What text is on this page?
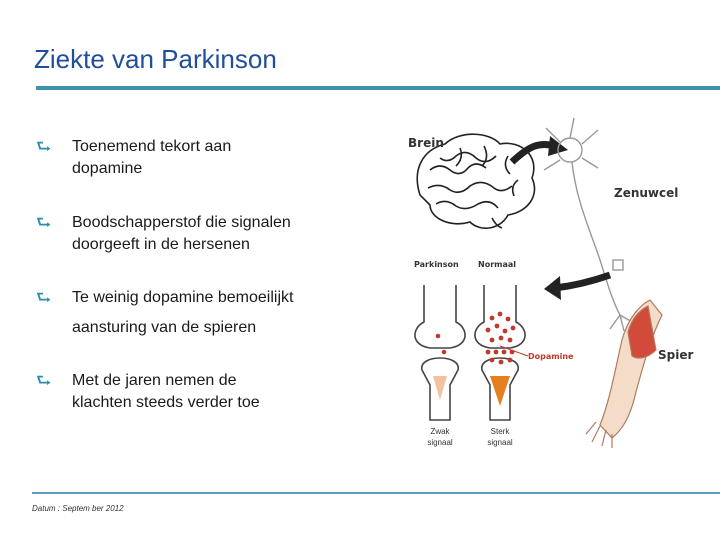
Ziekte van Parkinson
⮑ Toenemend tekort aan
dopamine
⮑ Boodschapperstof die signalen
doorgeeft in de hersenen
⮑ Te weinig dopamine bemoeilijkt
aansturing van de spieren
⮑ Met de jaren nemen de
klachten steeds verder toe
Brein
Zenuwcel
Spier
Parkinson Normaal
Dopamine
Zwak signaal
Sterk signaal
Datum : Septem ber 2012
